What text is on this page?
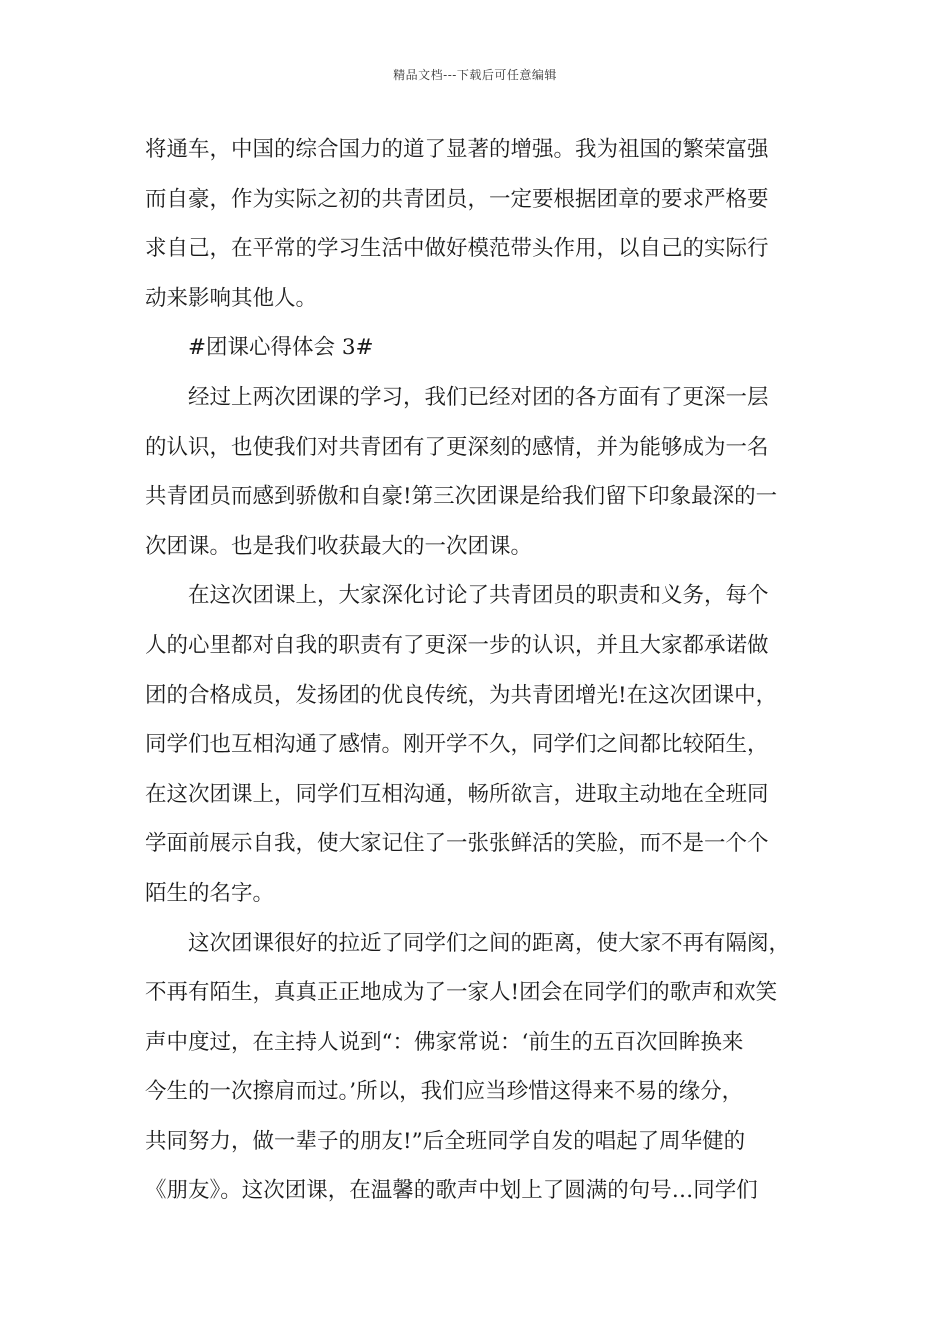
精品文档---下载后可任意编辑
将通车，中国的综合国力的道了显著的增强。我为祖国的繁荣富强
而自豪，作为实际之初的共青团员，一定要根据团章的要求严格要
求自己，在平常的学习生活中做好模范带头作用，以自己的实际行
动来影响其他人。
#团课心得体会 3#
经过上两次团课的学习，我们已经对团的各方面有了更深一层
的认识，也使我们对共青团有了更深刻的感情，并为能够成为一名
共青团员而感到骄傲和自豪!第三次团课是给我们留下印象最深的一
次团课。也是我们收获最大的一次团课。
在这次团课上，大家深化讨论了共青团员的职责和义务，每个
人的心里都对自我的职责有了更深一步的认识，并且大家都承诺做
团的合格成员，发扬团的优良传统，为共青团增光!在这次团课中，
同学们也互相沟通了感情。刚开学不久，同学们之间都比较陌生，
在这次团课上，同学们互相沟通，畅所欲言，进取主动地在全班同
学面前展示自我，使大家记住了一张张鲜活的笑脸，而不是一个个
陌生的名字。
这次团课很好的拉近了同学们之间的距离，使大家不再有隔阂，
不再有陌生，真真正正地成为了一家人!团会在同学们的歌声和欢笑
声中度过，在主持人说到“：佛家常说：‘前生的五百次回眸换来
今生的一次擦肩而过。’所以，我们应当珍惜这得来不易的缘分，
共同努力，做一辈子的朋友!”后全班同学自发的唱起了周华健的
《朋友》。这次团课，在温馨的歌声中划上了圆满的句号…同学们
